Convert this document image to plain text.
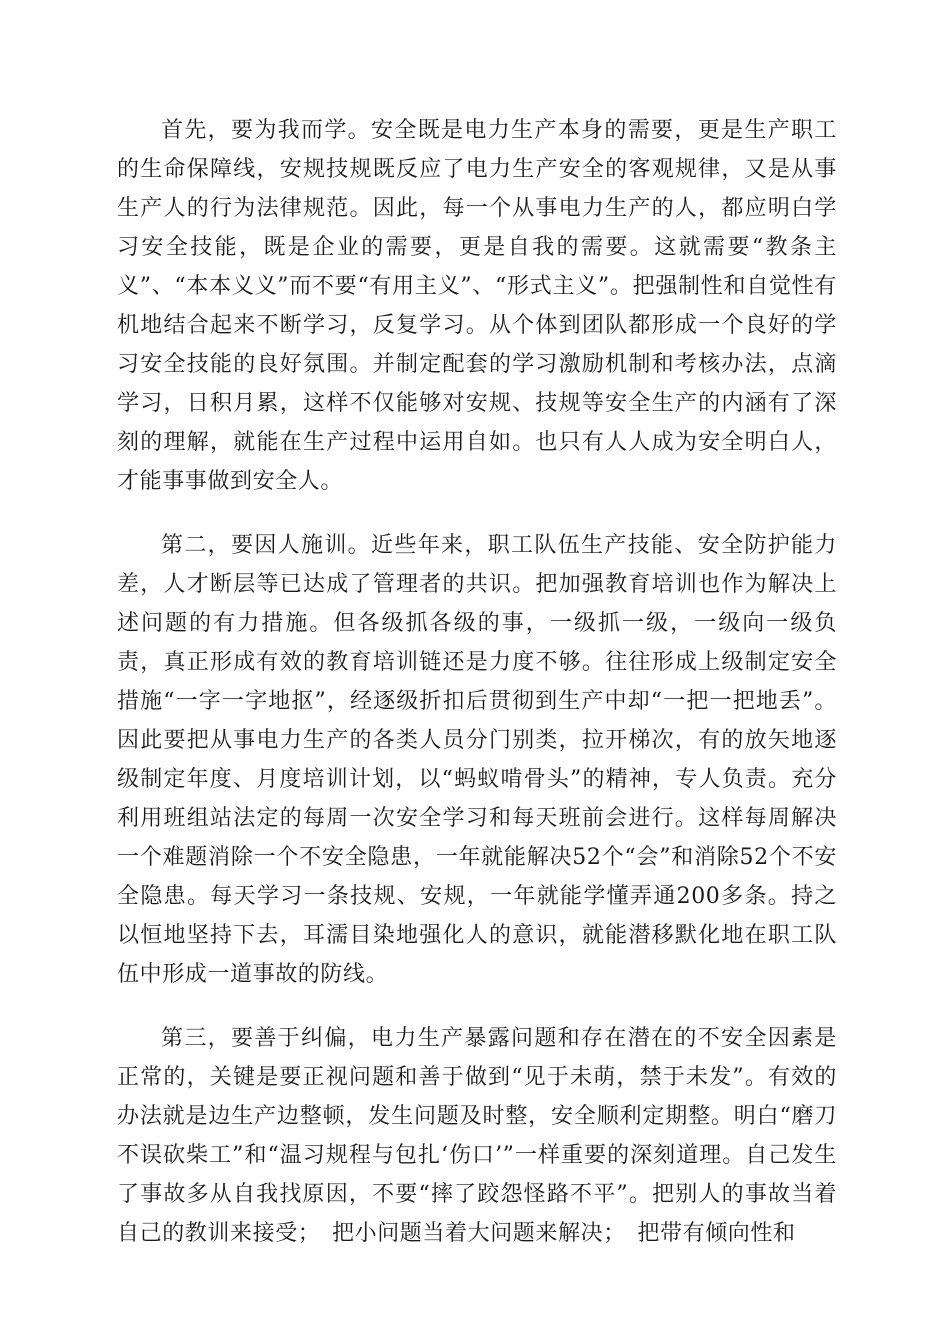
首先，要为我而学。安全既是电力生产本身的需要，更是生产职工的生命保障线，安规技规既反应了电力生产安全的客观规律，又是从事生产人的行为法律规范。因此，每一个从事电力生产的人，都应明白学习安全技能，既是企业的需要，更是自我的需要。这就需要“教条主义”、“本本义义”而不要“有用主义”、“形式主义”。把强制性和自觉性有机地结合起来不断学习，反复学习。从个体到团队都形成一个良好的学习安全技能的良好氛围。并制定配套的学习激励机制和考核办法，点滴学习，日积月累，这样不仅能够对安规、技规等安全生产的内涵有了深刻的理解，就能在生产过程中运用自如。也只有人人成为安全明白人，才能事事做到安全人。

第二，要因人施训。近些年来，职工队伍生产技能、安全防护能力差，人才断层等已达成了管理者的共识。把加强教育培训也作为解决上述问题的有力措施。但各级抓各级的事，一级抓一级，一级向一级负责，真正形成有效的教育培训链还是力度不够。往往形成上级制定安全措施“一字一字地抠”，经逐级折扣后贯彻到生产中却“一把一把地丢”。因此要把从事电力生产的各类人员分门别类，拉开梯次，有的放矢地逐级制定年度、月度培训计划，以“蚂蚁啃骨头”的精神，专人负责。充分利用班组站法定的每周一次安全学习和每天班前会进行。这样每周解决一个难题消除一个不安全隐患，一年就能解决52个“会”和消除52个不安全隐患。每天学习一条技规、安规，一年就能学懂弄通200多条。持之以恒地坚持下去，耳濡目染地强化人的意识，就能潜移默化地在职工队伍中形成一道事故的防线。

第三，要善于纠偏，电力生产暴露问题和存在潜在的不安全因素是正常的，关键是要正视问题和善于做到“见于未萌，禁于未发”。有效的办法就是边生产边整顿，发生问题及时整，安全顺利定期整。明白“磨刀不误砍柴工”和“温习规程与包扎‘伤口’”一样重要的深刻道理。自己发生了事故多从自我找原因，不要“摔了跤怨怪路不平”。把别人的事故当着自己的教训来接受；　把小问题当着大问题来解决；　把带有倾向性和
